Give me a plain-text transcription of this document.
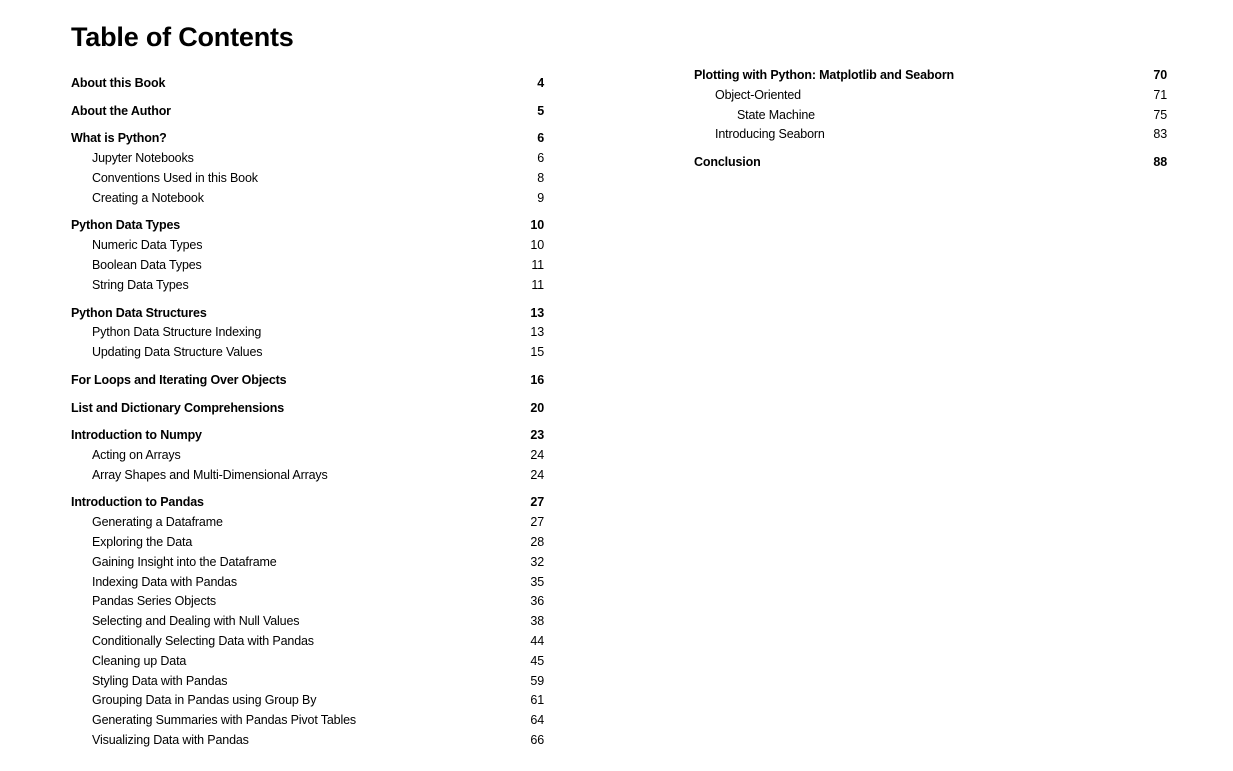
Table of Contents
About this Book	4
About the Author	5
What is Python?	6
Jupyter Notebooks	6
Conventions Used in this Book	8
Creating a Notebook	9
Python Data Types	10
Numeric Data Types	10
Boolean Data Types	11
String Data Types	11
Python Data Structures	13
Python Data Structure Indexing	13
Updating Data Structure Values	15
For Loops and Iterating Over Objects	16
List and Dictionary Comprehensions	20
Introduction to Numpy	23
Acting on Arrays	24
Array Shapes and Multi-Dimensional Arrays	24
Introduction to Pandas	27
Generating a Dataframe	27
Exploring the Data	28
Gaining Insight into the Dataframe	32
Indexing Data with Pandas	35
Pandas Series Objects	36
Selecting and Dealing with Null Values	38
Conditionally Selecting Data with Pandas	44
Cleaning up Data	45
Styling Data with Pandas	59
Grouping Data in Pandas using Group By	61
Generating Summaries with Pandas Pivot Tables	64
Visualizing Data with Pandas	66
Plotting with Python: Matplotlib and Seaborn	70
Object-Oriented	71
State Machine	75
Introducing Seaborn	83
Conclusion	88
